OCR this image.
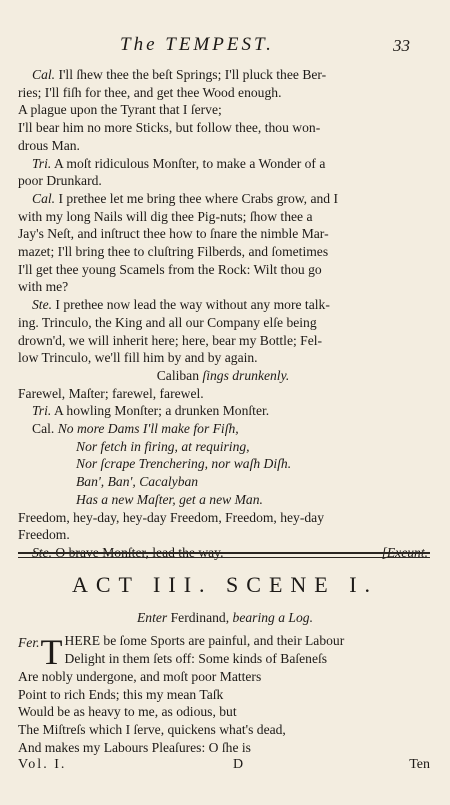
The TEMPEST.	33

Cal. I'll ſhew thee the beſt Springs; I'll pluck thee Ber-

ries; I'll fiſh for thee, and get thee Wood enough.

A plague upon the Tyrant that I ſerve;

I'll bear him no more Sticks, but follow thee, thou won-

drous Man.

Tri. A moſt ridiculous Monſter, to make a Wonder of a

poor Drunkard.

Cal. I prethee let me bring thee where Crabs grow, and I

with my long Nails will dig thee Pig-nuts; ſhow thee a

Jay's Neſt, and inſtruct thee how to ſnare the nimble Mar-

mazet; I'll bring thee to cluſtring Filberds, and ſometimes

I'll get thee young Scamels from the Rock: Wilt thou go

with me?

Ste. I prethee now lead the way without any more talk-

ing. Trinculo, the King and all our Company elſe being

drown'd, we will inherit here; here, bear my Bottle; Fel-

low Trinculo, we'll fill him by and by again.

Caliban ſings drunkenly.

Farewel, Maſter; farewel, farewel.

Tri. A howling Monſter; a drunken Monſter.

Cal. No more Dams I'll make for Fiſh,

Nor fetch in firing, at requiring,

Nor ſcrape Trenchering, nor waſh Diſh.

Ban', Ban', Cacalyban

Has a new Maſter, get a new Man.

Freedom, hey-day, hey-day Freedom, Freedom, hey-day

Freedom.

Ste. O brave Monſter, lead the way.	[Exeunt.

ACT III. SCENE I.
Enter Ferdinand, bearing a Log.
Fer. T HERE be ſome Sports are painful, and their Labour

Delight in them ſets off: Some kinds of Baſeneſs

Are nobly undergone, and moſt poor Matters

Point to rich Ends; this my mean Taſk

Would be as heavy to me, as odious, but

The Miſtreſs which I ſerve, quickens what's dead,

And makes my Labours Pleaſures: O ſhe is

Vol. I.	D	Ten
